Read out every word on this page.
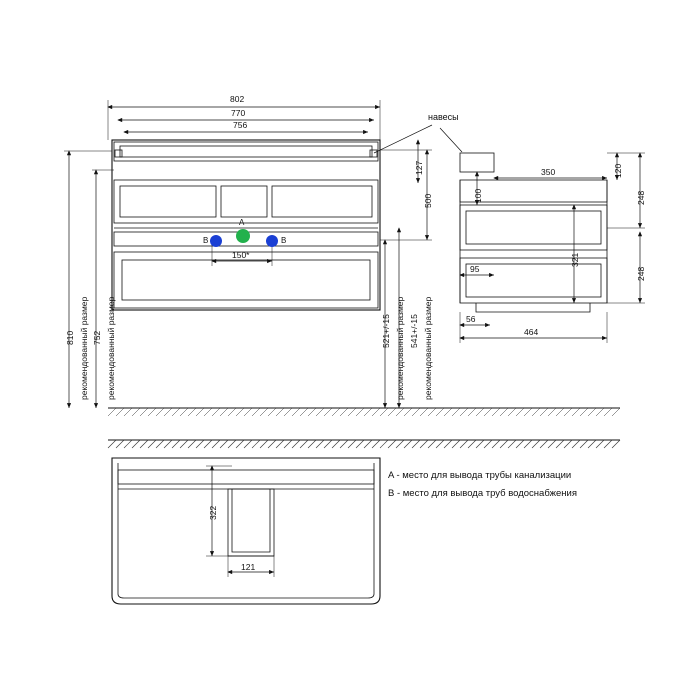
802
770
756
150*
810 рекомендованный размер 752 рекомендованный размер
500
521+/-15 рекомендованный размер 541+/-15 рекомендованный размер
127
навесы
350
464
95
56
100
120
321
248
248
322
121
A
B	B
A - место для вывода трубы канализации
B - место для вывода труб водоснабжения
